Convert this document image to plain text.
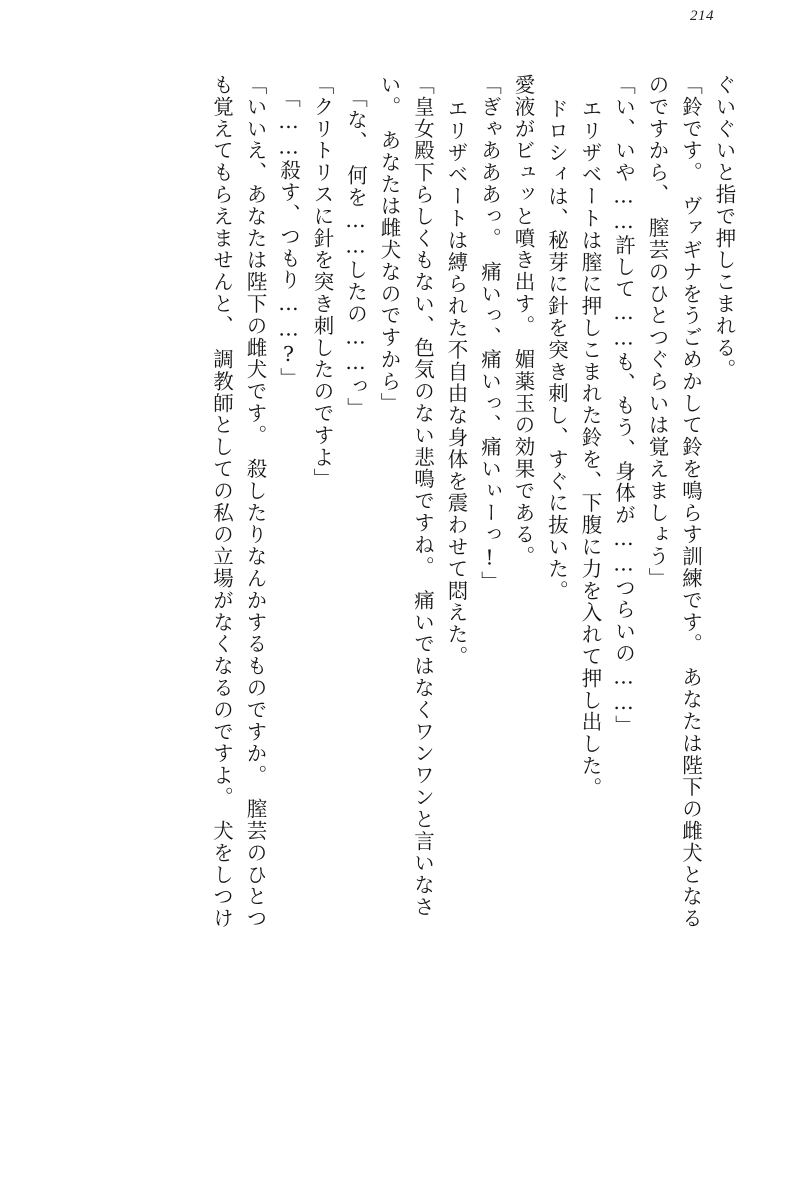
214
ぐいぐいと指で押しこまれる。
「鈴です。　ヴァギナをうごめかして鈴を鳴らす訓練です。　あなたは陛下の雌犬となる
のですから、　膣芸のひとつぐらいは覚えましょう」
「い、いや……許して……も、もう、身体が……つらいの……」
エリザベートは膣に押しこまれた鈴を、下腹に力を入れて押し出した。
ドロシィは、秘芽に針を突き刺し、すぐに抜いた。
愛液がビュッと噴き出す。　媚薬玉の効果である。
「ぎゃあああっ。　痛いっ、痛いっ、痛いぃーっ!」
エリザベートは縛られた不自由な身体を震わせて悶えた。
「皇女殿下らしくもない、色気のない悲鳴ですね。　痛いではなくワンワンと言いなさ
い。　あなたは雌犬なのですから」
「な、　何を……したの……っ」
「クリトリスに針を突き刺したのですよ」
「……殺す、つもり……?」
「いいえ、あなたは陛下の雌犬です。　殺したりなんかするものですか。　膣芸のひとつ
も覚えてもらえませんと、　調教師としての私の立場がなくなるのですよ。　犬をしつけ
